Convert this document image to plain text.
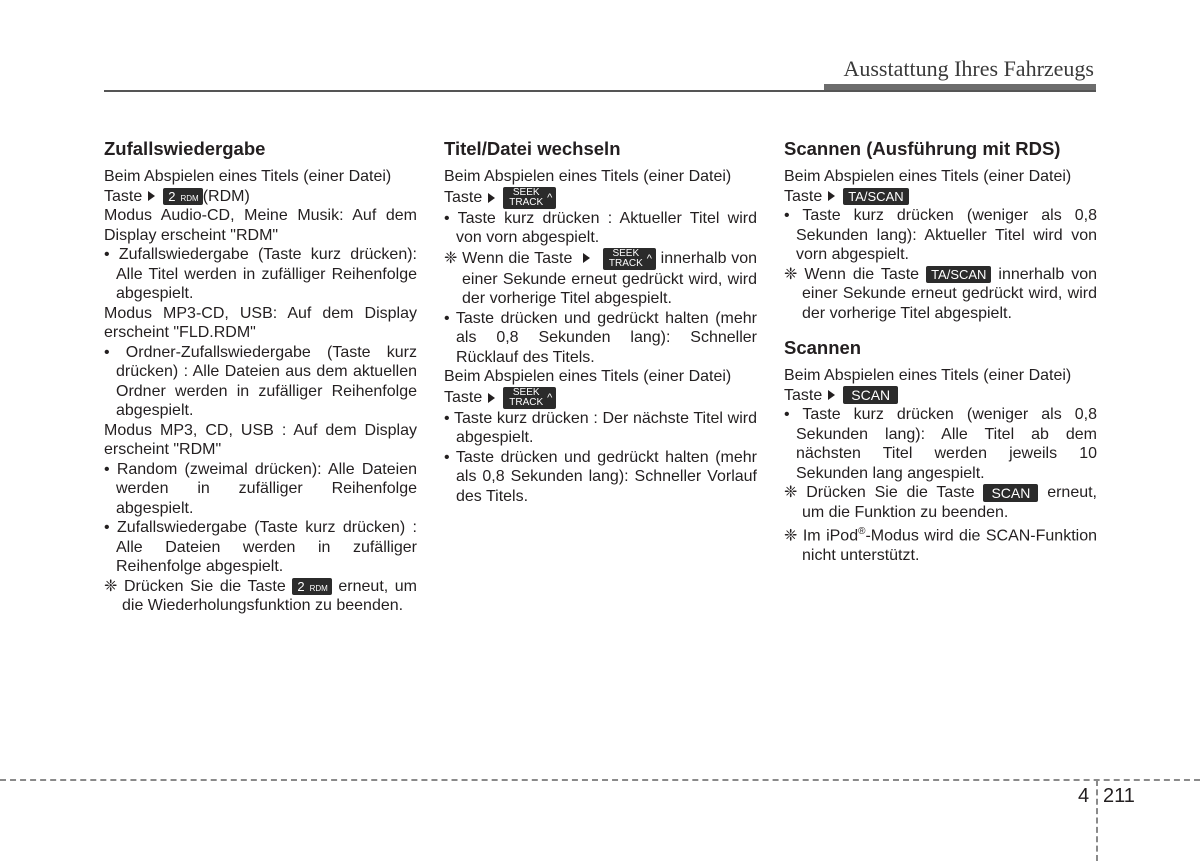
Ausstattung Ihres Fahrzeugs
Zufallswiedergabe

Beim Abspielen eines Titels (einer Datei)

Taste	2 RDM (RDM)

Modus Audio-CD, Meine Musik: Auf dem Display erscheint "RDM"

• Zufallswiedergabe (Taste kurz drücken): Alle Titel werden in zufälliger Reihenfolge abgespielt.

Modus MP3-CD, USB: Auf dem Display erscheint "FLD.RDM"

• Ordner-Zufallswiedergabe (Taste kurz drücken) : Alle Dateien aus dem aktuellen Ordner werden in zufälliger Reihenfolge abgespielt.

Modus MP3, CD, USB : Auf dem Display erscheint "RDM"

• Random (zweimal drücken): Alle Dateien werden in zufälliger Reihenfolge abgespielt.

• Zufallswiedergabe (Taste kurz drücken) : Alle Dateien werden in zufälliger Reihenfolge abgespielt.

❈ Drücken Sie die Taste 2 RDM erneut, um die Wiederholungsfunktion zu beenden.

Titel/Datei wechseln

Beim Abspielen eines Titels (einer Datei)

Taste	SEEK
TRACK ^

• Taste kurz drücken : Aktueller Titel wird von vorn abgespielt.

❈ Wenn die Taste	SEEK
TRACK ^ innerhalb von einer Sekunde erneut gedrückt wird, wird der vorherige Titel abgespielt.

• Taste drücken und gedrückt halten (mehr als 0,8 Sekunden lang): Schneller Rücklauf des Titels.

Beim Abspielen eines Titels (einer Datei)

Taste	SEEK
TRACK ^

• Taste kurz drücken : Der nächste Titel wird abgespielt.

• Taste drücken und gedrückt halten (mehr als 0,8 Sekunden lang): Schneller Vorlauf des Titels.

Scannen (Ausführung mit RDS)

Beim Abspielen eines Titels (einer Datei)

Taste	TA/SCAN

• Taste kurz drücken (weniger als 0,8 Sekunden lang): Aktueller Titel wird von vorn abgespielt.

❈ Wenn die Taste TA/SCAN innerhalb von einer Sekunde erneut gedrückt wird, wird der vorherige Titel abgespielt.

Scannen

Beim Abspielen eines Titels (einer Datei)

Taste	SCAN

• Taste kurz drücken (weniger als 0,8 Sekunden lang): Alle Titel ab dem nächsten Titel werden jeweils 10 Sekunden lang angespielt.

❈ Drücken Sie die Taste SCAN erneut, um die Funktion zu beenden.

❈ Im iPod®-Modus wird die SCAN-Funktion nicht unterstützt.

4 211
